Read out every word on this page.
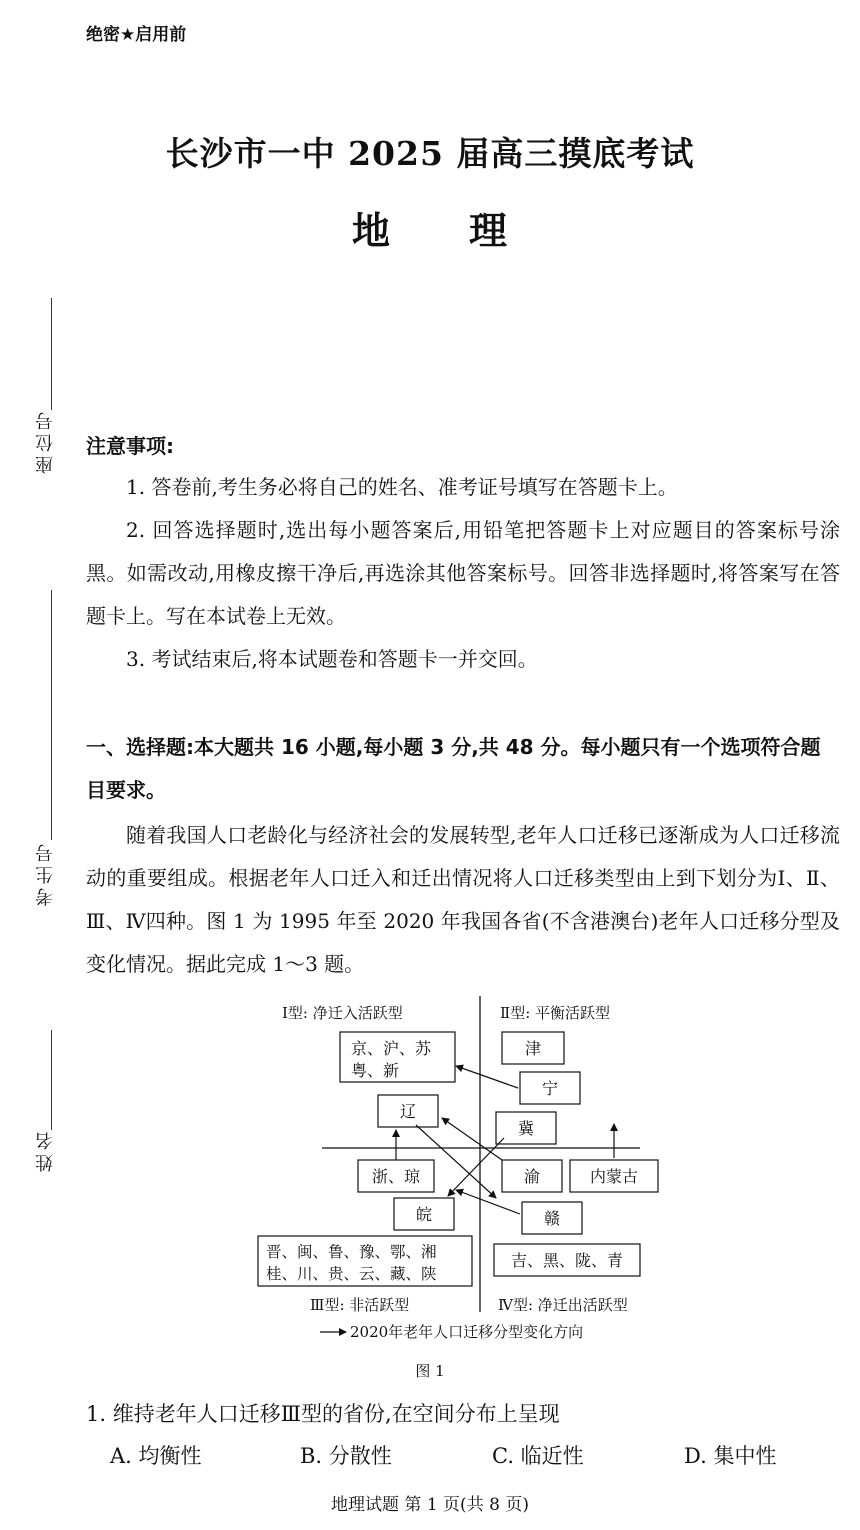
绝密★启用前
长沙市一中 2025 届高三摸底考试
地　　理
座位号
考生号
姓名
注意事项:
1. 答卷前,考生务必将自己的姓名、准考证号填写在答题卡上。
2. 回答选择题时,选出每小题答案后,用铅笔把答题卡上对应题目的答案标号涂黑。如需改动,用橡皮擦干净后,再选涂其他答案标号。回答非选择题时,将答案写在答题卡上。写在本试卷上无效。
3. 考试结束后,将本试题卷和答题卡一并交回。
一、选择题:本大题共 16 小题,每小题 3 分,共 48 分。每小题只有一个选项符合题目要求。
随着我国人口老龄化与经济社会的发展转型,老年人口迁移已逐渐成为人口迁移流动的重要组成。根据老年人口迁入和迁出情况将人口迁移类型由上到下划分为Ⅰ、Ⅱ、Ⅲ、Ⅳ四种。图 1 为 1995 年至 2020 年我国各省(不含港澳台)老年人口迁移分型及变化情况。据此完成 1～3 题。
Ⅰ型: 净迁入活跃型	Ⅱ型: 平衡活跃型
Ⅲ型: 非活跃型	Ⅳ型: 净迁出活跃型
京、沪、苏
粤、新
津
宁
辽
冀
浙、琼	渝	内蒙古
皖	赣
晋、闽、鲁、豫、鄂、湘
桂、川、贵、云、藏、陕
吉、黑、陇、青
2020年老年人口迁移分型变化方向
图 1
1. 维持老年人口迁移Ⅲ型的省份,在空间分布上呈现
A. 均衡性	B. 分散性	C. 临近性	D. 集中性
地理试题 第 1 页(共 8 页)
